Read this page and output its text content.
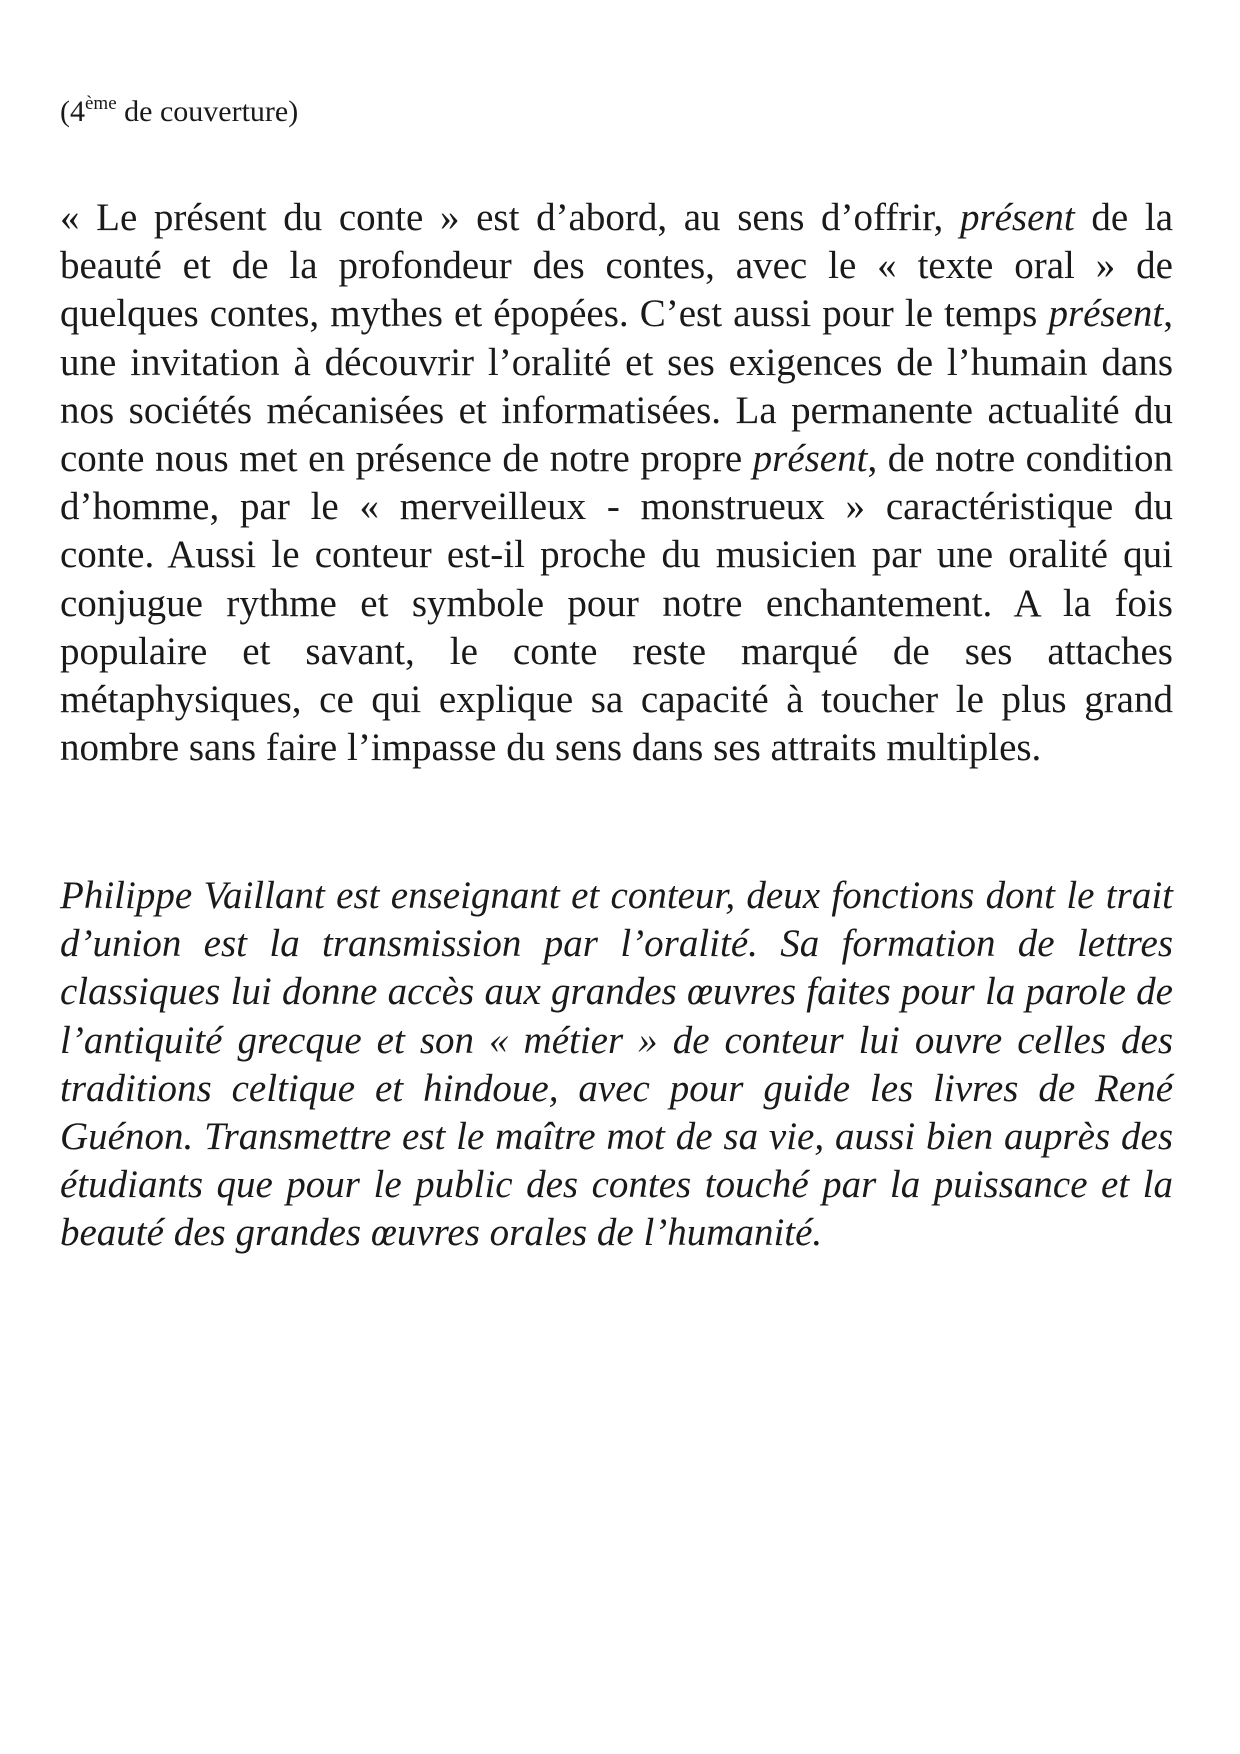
(4ème de couverture)

« Le présent du conte » est d’abord, au sens d’offrir, présent de la beauté et de la profondeur des contes, avec le « texte oral » de quelques contes, mythes et épopées. C’est aussi pour le temps présent, une invitation à découvrir l’oralité et ses exigences de l’humain dans nos sociétés mécanisées et informatisées. La permanente actualité du conte nous met en présence de notre propre présent, de notre condition d’homme, par le « merveilleux - monstrueux » caractéristique du conte. Aussi le conteur est-il proche du musicien par une oralité qui conjugue rythme et symbole pour notre enchantement. A la fois populaire et savant, le conte reste marqué de ses attaches métaphysiques, ce qui explique sa capacité à toucher le plus grand nombre sans faire l’impasse du sens dans ses attraits multiples.

Philippe Vaillant est enseignant et conteur, deux fonctions dont le trait d’union est la transmission par l’oralité. Sa formation de lettres classiques lui donne accès aux grandes œuvres faites pour la parole de l’antiquité grecque et son « métier » de conteur lui ouvre celles des traditions celtique et hindoue, avec pour guide les livres de René Guénon. Transmettre est le maître mot de sa vie, aussi bien auprès des étudiants que pour le public des contes touché par la puissance et la beauté des grandes œuvres orales de l’humanité.
